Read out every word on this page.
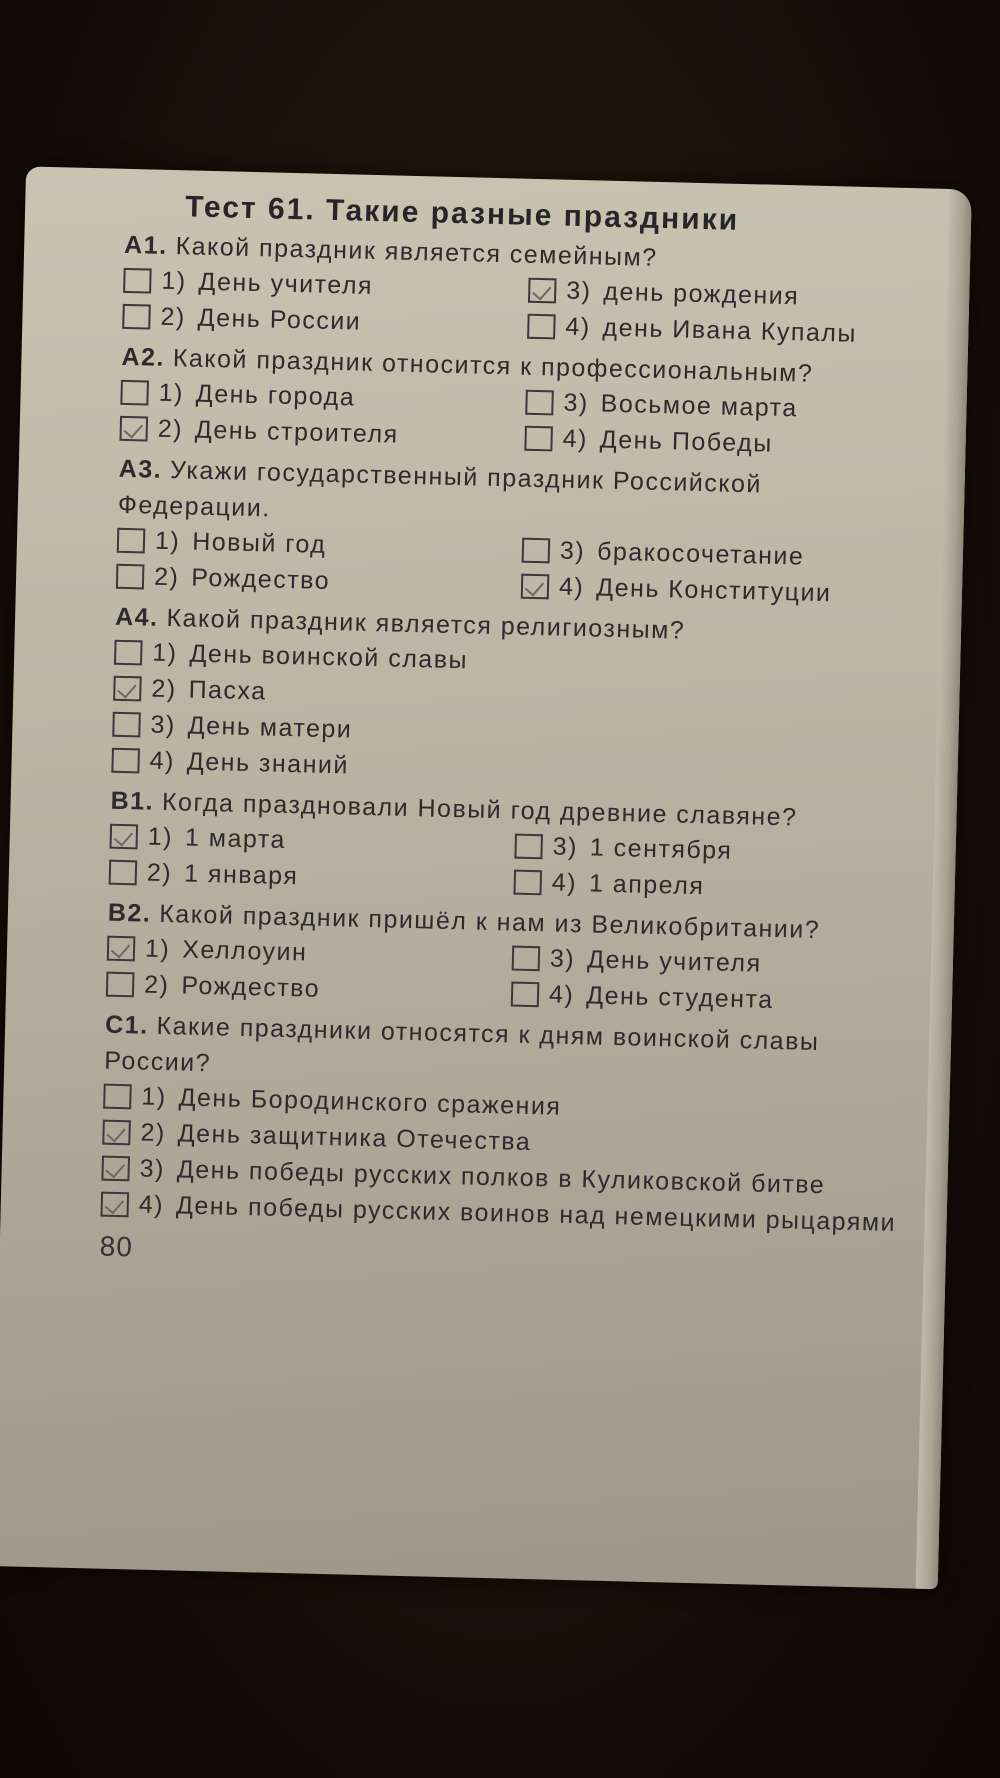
Тест 61. Такие разные праздники
А1. Какой праздник является семейным?
1) День учителя
2) День России
3) день рождения
4) день Ивана Купалы
А2. Какой праздник относится к профессиональным?
1) День города
2) День строителя
3) Восьмое марта
4) День Победы
А3. Укажи государственный праздник Российской Федерации.
1) Новый год
2) Рождество
3) бракосочетание
4) День Конституции
А4. Какой праздник является религиозным?
1) День воинской славы
2) Пасха
3) День матери
4) День знаний
В1. Когда праздновали Новый год древние славяне?
1) 1 марта
2) 1 января
3) 1 сентября
4) 1 апреля
В2. Какой праздник пришёл к нам из Великобритании?
1) Хеллоуин
2) Рождество
3) День учителя
4) День студента
С1. Какие праздники относятся к дням воинской славы России?
1) День Бородинского сражения
2) День защитника Отечества
3) День победы русских полков в Куликовской битве
4) День победы русских воинов над немецкими рыцарями
80
